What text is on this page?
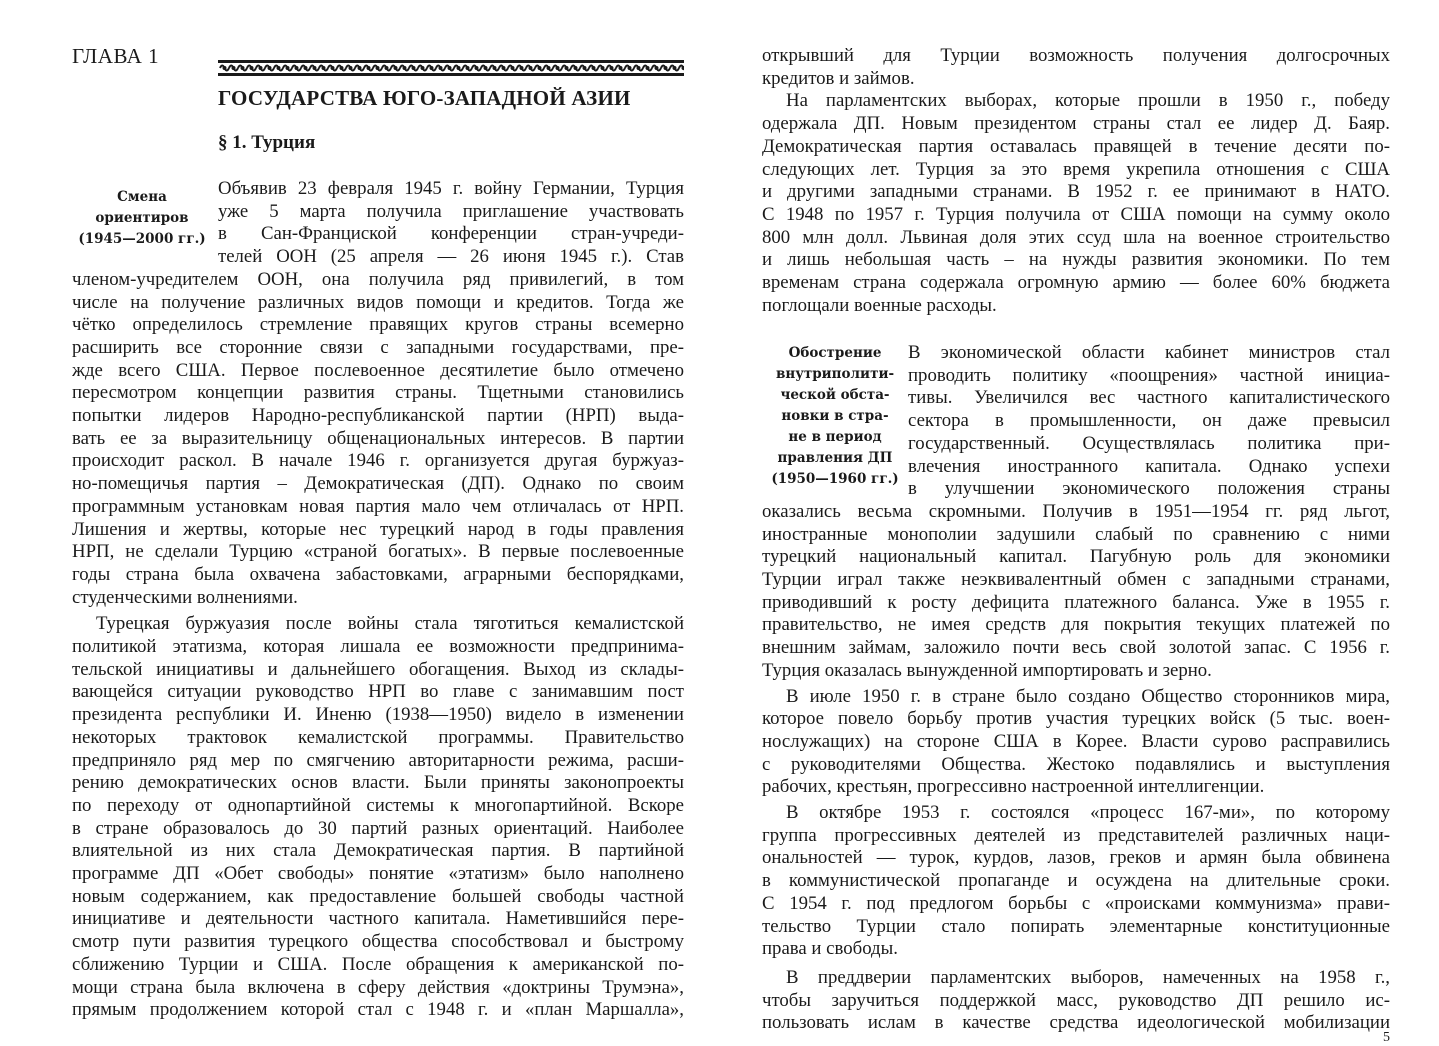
ГЛАВА 1
ГОСУДАРСТВА ЮГО-ЗАПАДНОЙ АЗИИ
§ 1. Турция
Смена
ориентиров
(1945—2000 гг.)
Объявив 23 февраля 1945 г. войну Германии, Турция
уже 5 марта получила приглашение участвовать
в Сан-Франциской конференции стран-учреди-
телей ООН (25 апреля — 26 июня 1945 г.). Став
членом-учредителем ООН, она получила ряд привилегий, в том
числе на получение различных видов помощи и кредитов. Тогда же
чётко определилось стремление правящих кругов страны всемерно
расширить все сторонние связи с западными государствами, пре-
жде всего США. Первое послевоенное десятилетие было отмечено
пересмотром концепции развития страны. Тщетными становились
попытки лидеров Народно-республиканской партии (НРП) выда-
вать ее за выразительницу общенациональных интересов. В партии
происходит раскол. В начале 1946 г. организуется другая буржуаз-
но-помещичья партия – Демократическая (ДП). Однако по своим
программным установкам новая партия мало чем отличалась от НРП.
Лишения и жертвы, которые нес турецкий народ в годы правления
НРП, не сделали Турцию «страной богатых». В первые послевоенные
годы страна была охвачена забастовками, аграрными беспорядками,
студенческими волнениями.
Турецкая буржуазия после войны стала тяготиться кемалистской
политикой этатизма, которая лишала ее возможности предпринима-
тельской инициативы и дальнейшего обогащения. Выход из склады-
вающейся ситуации руководство НРП во главе с занимавшим пост
президента республики И. Иненю (1938—1950) видело в изменении
некоторых трактовок кемалистской программы. Правительство
предприняло ряд мер по смягчению авторитарности режима, расши-
рению демократических основ власти. Были приняты законопроекты
по переходу от однопартийной системы к многопартийной. Вскоре
в стране образовалось до 30 партий разных ориентаций. Наиболее
влиятельной из них стала Демократическая партия. В партийной
программе ДП «Обет свободы» понятие «этатизм» было наполнено
новым содержанием, как предоставление большей свободы частной
инициативе и деятельности частного капитала. Наметившийся пере-
смотр пути развития турецкого общества способствовал и быстрому
сближению Турции и США. После обращения к американской по-
мощи страна была включена в сферу действия «доктрины Трумэна»,
прямым продолжением которой стал с 1948 г. и «план Маршалла»,
Обострение
внутриполити-
ческой обста-
новки в стра-
не в период
правления ДП
(1950—1960 гг.)
открывший для Турции возможность получения долгосрочных
кредитов и займов.
На парламентских выборах, которые прошли в 1950 г., победу
одержала ДП. Новым президентом страны стал ее лидер Д. Баяр.
Демократическая партия оставалась правящей в течение десяти по-
следующих лет. Турция за это время укрепила отношения с США
и другими западными странами. В 1952 г. ее принимают в НАТО.
С 1948 по 1957 г. Турция получила от США помощи на сумму около
800 млн долл. Львиная доля этих ссуд шла на военное строительство
и лишь небольшая часть – на нужды развития экономики. По тем
временам страна содержала огромную армию — более 60% бюджета
поглощали военные расходы.
В экономической области кабинет министров стал
проводить политику «поощрения» частной инициа-
тивы. Увеличился вес частного капиталистического
сектора в промышленности, он даже превысил
государственный. Осуществлялась политика при-
влечения иностранного капитала. Однако успехи
в улучшении экономического положения страны
оказались весьма скромными. Получив в 1951—1954 гг. ряд льгот,
иностранные монополии задушили слабый по сравнению с ними
турецкий национальный капитал. Пагубную роль для экономики
Турции играл также неэквивалентный обмен с западными странами,
приводивший к росту дефицита платежного баланса. Уже в 1955 г.
правительство, не имея средств для покрытия текущих платежей по
внешним займам, заложило почти весь свой золотой запас. С 1956 г.
Турция оказалась вынужденной импортировать и зерно.
В июле 1950 г. в стране было создано Общество сторонников мира,
которое повело борьбу против участия турецких войск (5 тыс. воен-
нослужащих) на стороне США в Корее. Власти сурово расправились
с руководителями Общества. Жестоко подавлялись и выступления
рабочих, крестьян, прогрессивно настроенной интеллигенции.
В октябре 1953 г. состоялся «процесс 167-ми», по которому
группа прогрессивных деятелей из представителей различных наци-
ональностей — турок, курдов, лазов, греков и армян была обвинена
в коммунистической пропаганде и осуждена на длительные сроки.
С 1954 г. под предлогом борьбы с «происками коммунизма» прави-
тельство Турции стало попирать элементарные конституционные
права и свободы.
В преддверии парламентских выборов, намеченных на 1958 г.,
чтобы заручиться поддержкой масс, руководство ДП решило ис-
пользовать ислам в качестве средства идеологической мобилизации
5
